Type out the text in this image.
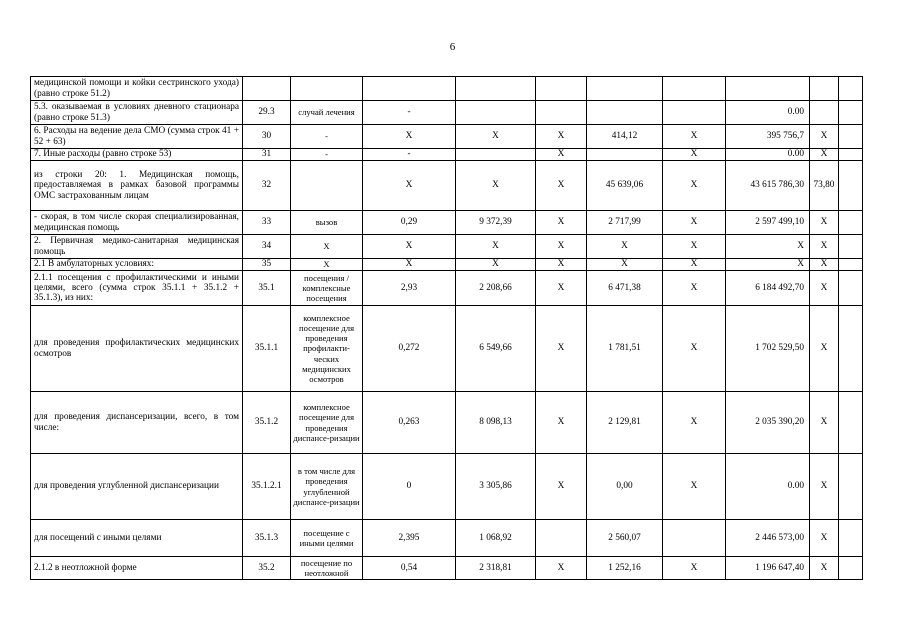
6
медицинской помощи и койки сестринского ухода) (равно строке 51.2)										
5.3. оказываемая в условиях дневного стационара (равно строке 51.3)	29.3	случай лечения	-					0.00		
6. Расходы на ведение дела СМО (сумма строк 41 + 52 + 63)	30	-	X	X	X	414,12	X	395 756,7	X	
7. Иные расходы (равно строке 53)	31	-	-		X		X	0.00	X	
из строки 20: 1. Медицинская помощь, предоставляемая в рамках базовой программы ОМС застрахованным лицам	32		X	X	X	45 639,06	X	43 615 786,30	73,80	
- скорая, в том числе скорая специализированная, медицинская помощь	33	вызов	0,29	9 372,39	X	2 717,99	X	2 597 499,10	X	
2. Первичная медико-санитарная медицинская помощь	34	X	X	X	X	X	X	X	X	
2.1 В амбулаторных условиях:	35	X	X	X	X	X	X	X	X	
2.1.1 посещения с профилактическими и иными целями, всего (сумма строк 35.1.1 + 35.1.2 + 35.1.3), из них:	35.1	посещения / комплексные посещения	2,93	2 208,66	X	6 471,38	X	6 184 492,70	X	
для проведения профилактических медицинских осмотров	35.1.1	комплексное посещение для проведения профилакти-ческих медицинских осмотров	0,272	6 549,66	X	1 781,51	X	1 702 529,50	X	
для проведения диспансеризации, всего, в том числе:	35.1.2	комплексное посещение для проведения диспансе-ризации	0,263	8 098,13	X	2 129,81	X	2 035 390,20	X	
для проведения углубленной диспансеризации	35.1.2.1	в том числе для проведения углубленной диспансе-ризации	0	3 305,86	X	0,00	X	0.00	X	
для посещений с иными целями	35.1.3	посещение с иными целями	2,395	1 068,92		2 560,07		2 446 573,00	X	
2.1.2 в неотложной форме	35.2	посещение по неотложной	0,54	2 318,81	X	1 252,16	X	1 196 647,40	X	
